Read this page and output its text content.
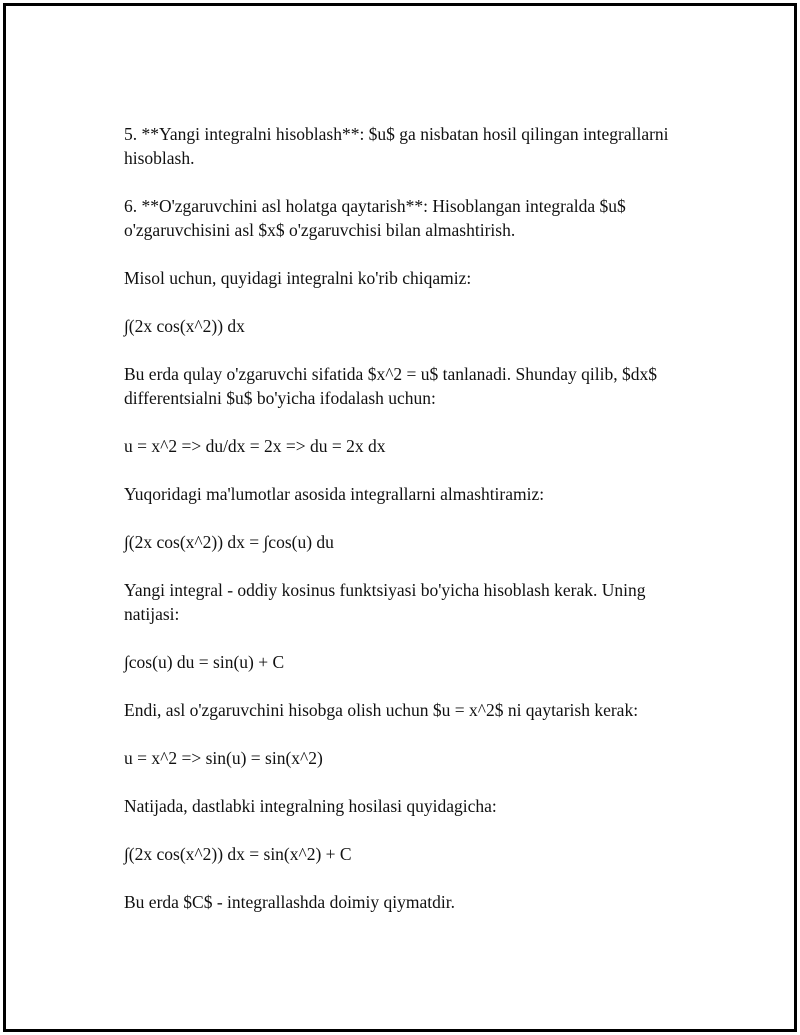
5. **Yangi integralni hisoblash**: $u$ ga nisbatan hosil qilingan integrallarni hisoblash.

6. **O'zgaruvchini asl holatga qaytarish**: Hisoblangan integralda $u$ o'zgaruvchisini asl $x$ o'zgaruvchisi bilan almashtirish.

Misol uchun, quyidagi integralni ko'rib chiqamiz:

∫(2x cos(x^2)) dx

Bu erda qulay o'zgaruvchi sifatida $x^2 = u$ tanlanadi. Shunday qilib, $dx$ differentsialni $u$ bo'yicha ifodalash uchun:

u = x^2 => du/dx = 2x => du = 2x dx

Yuqoridagi ma'lumotlar asosida integrallarni almashtiramiz:

∫(2x cos(x^2)) dx = ∫cos(u) du

Yangi integral - oddiy kosinus funktsiyasi bo'yicha hisoblash kerak. Uning natijasi:

∫cos(u) du = sin(u) + C

Endi, asl o'zgaruvchini hisobga olish uchun $u = x^2$ ni qaytarish kerak:

u = x^2 => sin(u) = sin(x^2)

Natijada, dastlabki integralning hosilasi quyidagicha:

∫(2x cos(x^2)) dx = sin(x^2) + C

Bu erda $C$ - integrallashda doimiy qiymatdir.
